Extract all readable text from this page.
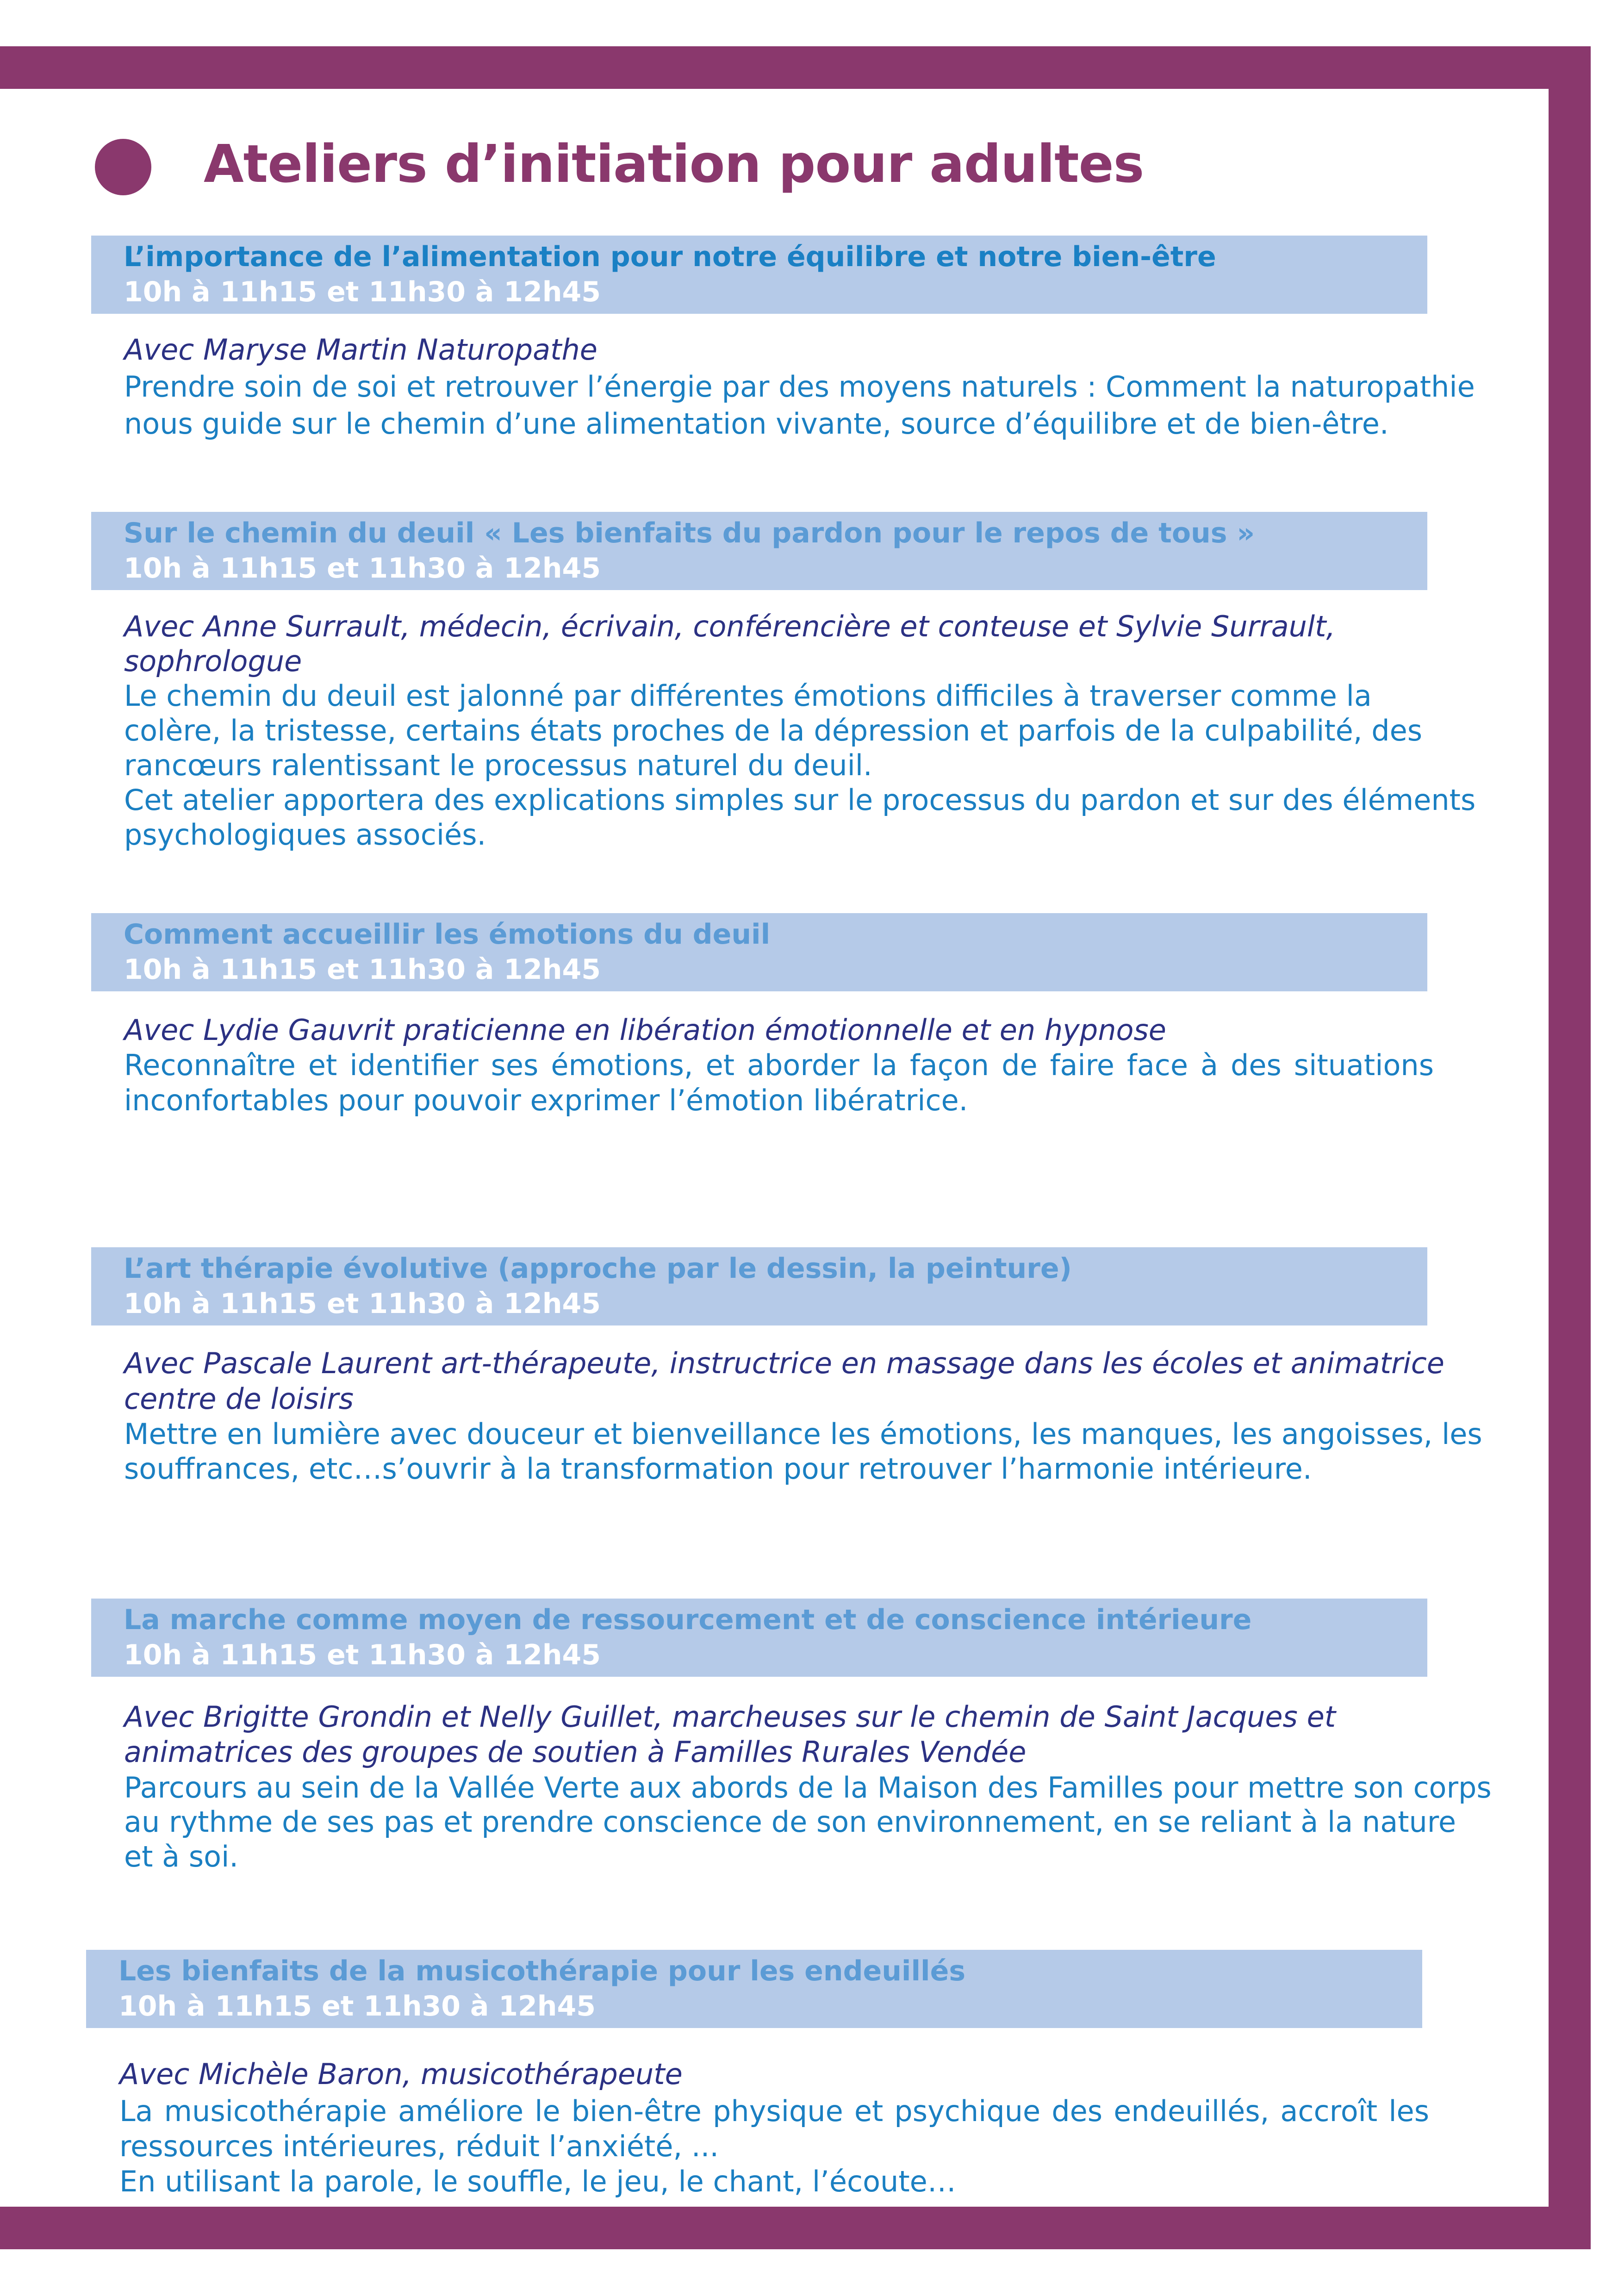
Ateliers d’initiation pour adultes
L’importance de l’alimentation pour notre équilibre et notre bien-être
10h à 11h15 et 11h30 à 12h45
Avec Maryse Martin Naturopathe
Prendre soin de soi et retrouver l’énergie par des moyens naturels : Comment la naturopathie
nous guide sur le chemin d’une alimentation vivante, source d’équilibre et de bien-être.
Sur le chemin du deuil « Les bienfaits du pardon pour le repos de tous »
10h à 11h15 et 11h30 à 12h45
Avec Anne Surrault, médecin, écrivain, conférencière et conteuse et Sylvie Surrault,
sophrologue
Le chemin du deuil est jalonné par différentes émotions difficiles à traverser comme la
colère, la tristesse, certains états proches de la dépression et parfois de la culpabilité, des
rancœurs ralentissant le processus naturel du deuil.
Cet atelier apportera des explications simples sur le processus du pardon et sur des éléments
psychologiques associés.
Comment accueillir les émotions du deuil
10h à 11h15 et 11h30 à 12h45
Avec Lydie Gauvrit praticienne en libération émotionnelle et en hypnose
Reconnaître et identifier ses émotions, et aborder la façon de faire face à des situations
inconfortables pour pouvoir exprimer l’émotion libératrice.
L’art thérapie évolutive (approche par le dessin, la peinture)
10h à 11h15 et 11h30 à 12h45
Avec Pascale Laurent art-thérapeute, instructrice en massage dans les écoles et animatrice
centre de loisirs
Mettre en lumière avec douceur et bienveillance les émotions, les manques, les angoisses, les
souffrances, etc…s’ouvrir à la transformation pour retrouver l’harmonie intérieure.
La marche comme moyen de ressourcement et de conscience intérieure
10h à 11h15 et 11h30 à 12h45
Avec Brigitte Grondin et Nelly Guillet, marcheuses sur le chemin de Saint Jacques et
animatrices des groupes de soutien à Familles Rurales Vendée
Parcours au sein de la Vallée Verte aux abords de la Maison des Familles pour mettre son corps
au rythme de ses pas et prendre conscience de son environnement, en se reliant à la nature
et à soi.
Les bienfaits de la musicothérapie pour les endeuillés
10h à 11h15 et 11h30 à 12h45
Avec Michèle Baron, musicothérapeute
La musicothérapie améliore le bien-être physique et psychique des endeuillés, accroît les
ressources intérieures, réduit l’anxiété, ...
En utilisant la parole, le souffle, le jeu, le chant, l’écoute…
